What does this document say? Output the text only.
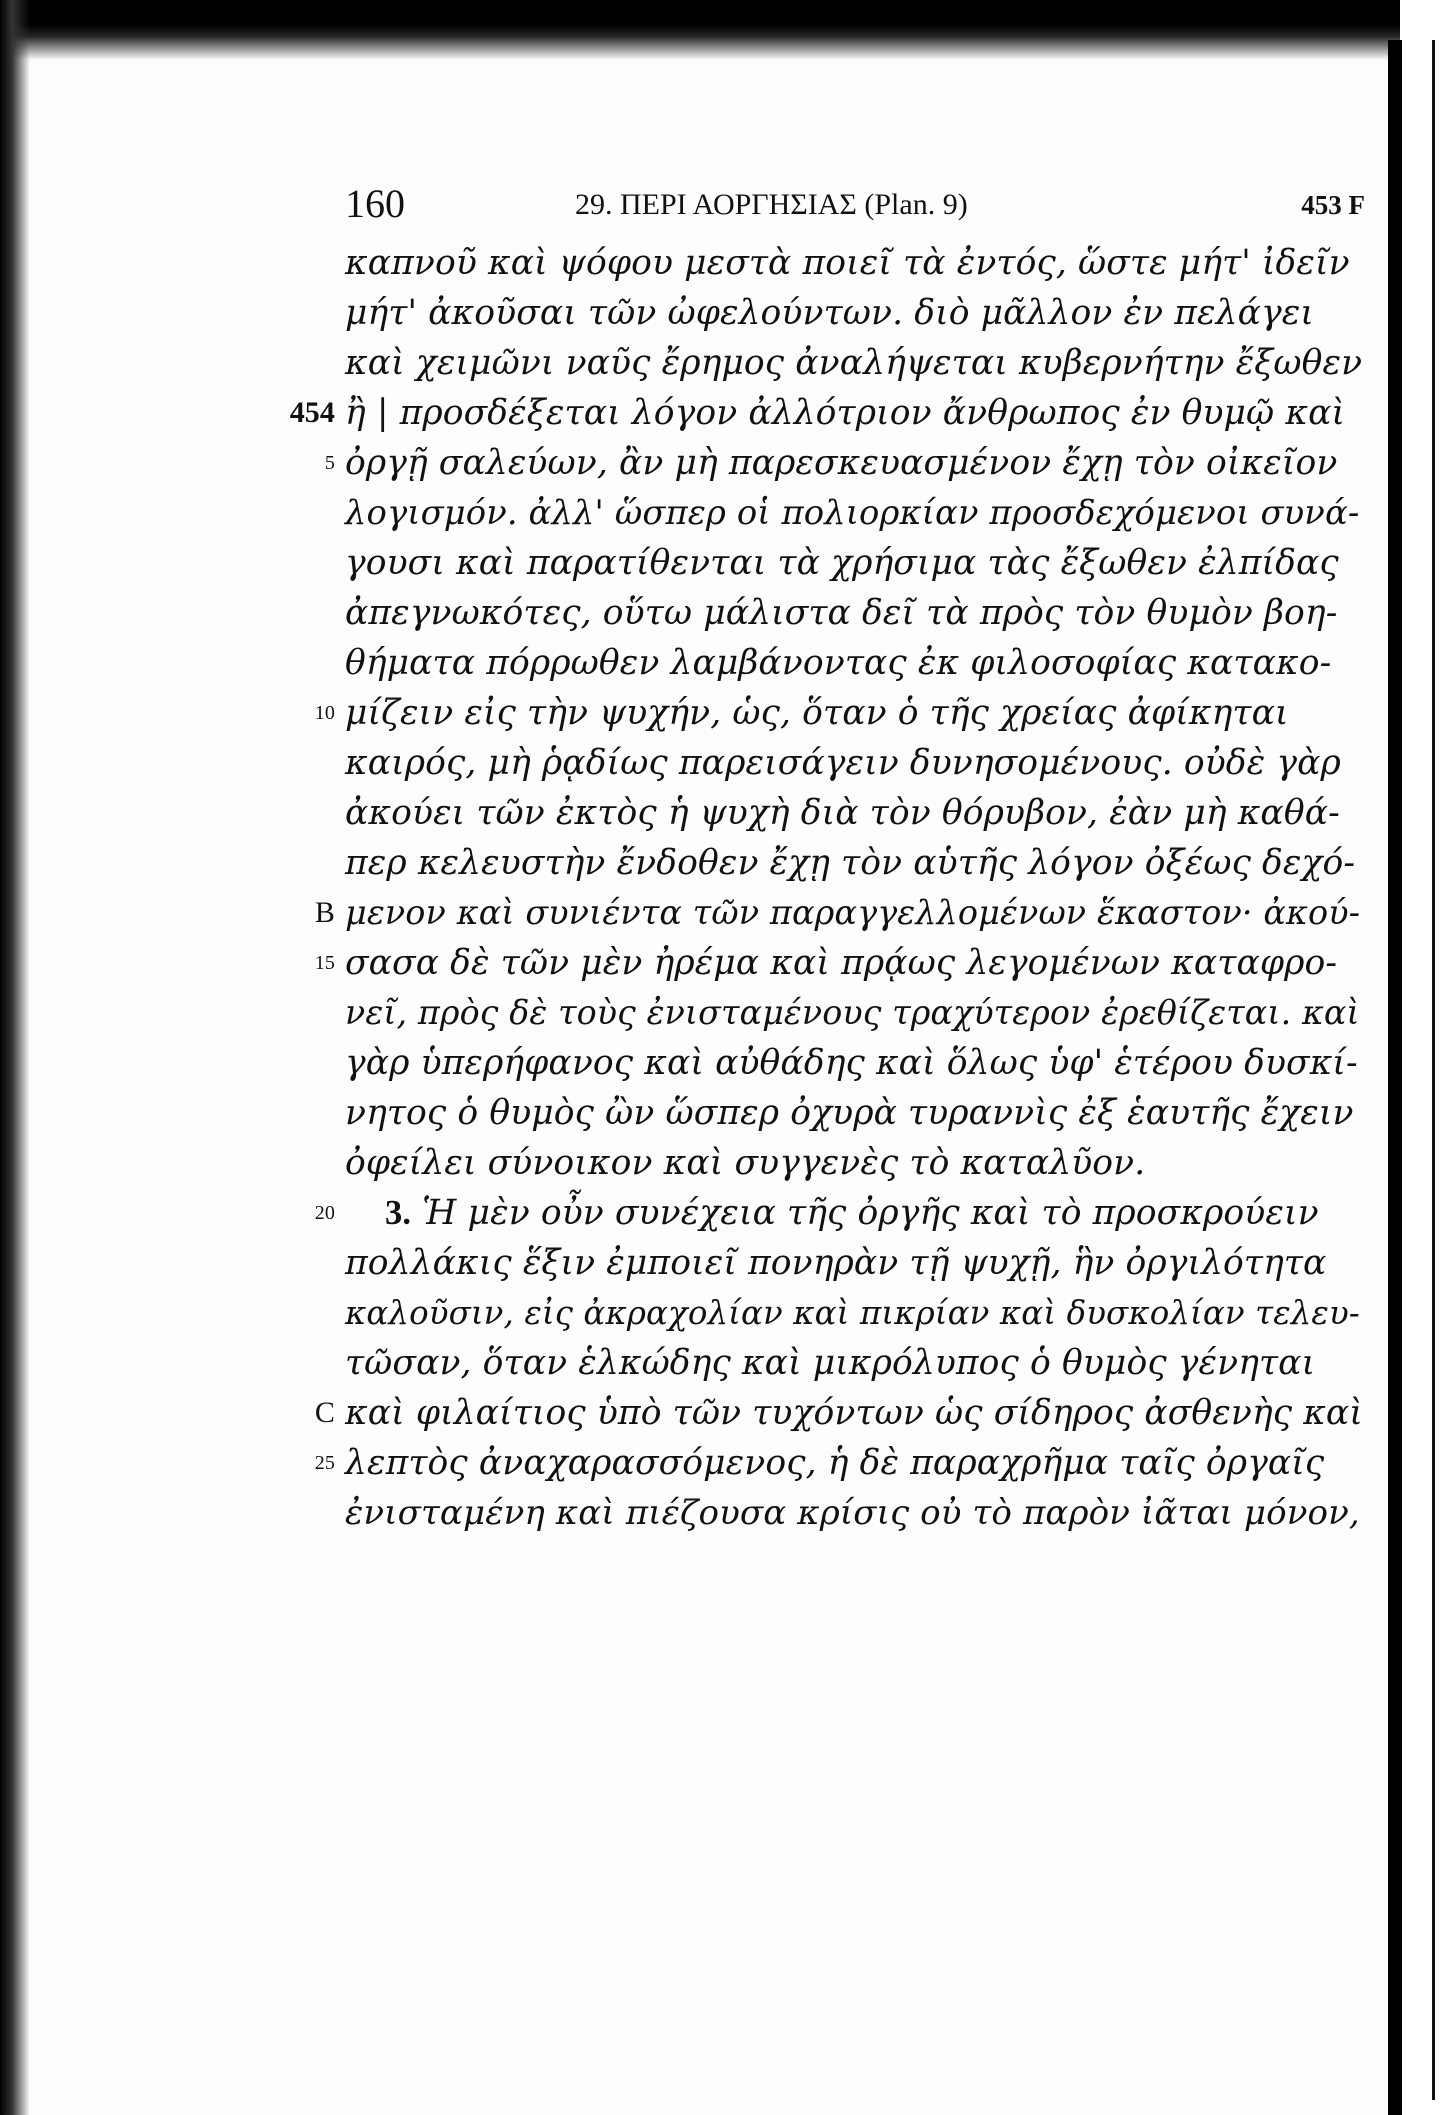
160	29. ΠΕΡΙ ΑΟΡΓΗΣΙΑΣ (Plan. 9)	453 F
καπνοῦ καὶ ψόφου μεστὰ ποιεῖ τὰ ἐντός, ὥστε μήτ' ἰδεῖν
μήτ' ἀκοῦσαι τῶν ὠφελούντων. διὸ μᾶλλον ἐν πελάγει
καὶ χειμῶνι ναῦς ἔρημος ἀναλήψεται κυβερνήτην ἔξωθεν
454 ἢ | προσδέξεται λόγον ἀλλότριον ἄνθρωπος ἐν θυμῷ καὶ
5 ὀργῇ σαλεύων, ἂν μὴ παρεσκευασμένον ἔχῃ τὸν οἰκεῖον
λογισμόν. ἀλλ' ὥσπερ οἱ πολιορκίαν προσδεχόμενοι συνά-
γουσι καὶ παρατίθενται τὰ χρήσιμα τὰς ἔξωθεν ἐλπίδας
ἀπεγνωκότες, οὕτω μάλιστα δεῖ τὰ πρὸς τὸν θυμὸν βοη-
θήματα πόρρωθεν λαμβάνοντας ἐκ φιλοσοφίας κατακο-
10 μίζειν εἰς τὴν ψυχήν, ὡς, ὅταν ὁ τῆς χρείας ἀφίκηται
καιρός, μὴ ῥᾳδίως παρεισάγειν δυνησομένους. οὐδὲ γὰρ
ἀκούει τῶν ἐκτὸς ἡ ψυχὴ διὰ τὸν θόρυβον, ἐὰν μὴ καθά-
περ κελευστὴν ἔνδοθεν ἔχῃ τὸν αὑτῆς λόγον ὀξέως δεχό-
B μενον καὶ συνιέντα τῶν παραγγελλομένων ἕκαστον· ἀκού-
15 σασα δὲ τῶν μὲν ἠρέμα καὶ πρᾴως λεγομένων καταφρο-
νεῖ, πρὸς δὲ τοὺς ἐνισταμένους τραχύτερον ἐρεθίζεται. καὶ
γὰρ ὑπερήφανος καὶ αὐθάδης καὶ ὅλως ὑφ' ἑτέρου δυσκί-
νητος ὁ θυμὸς ὢν ὥσπερ ὀχυρὰ τυραννὶς ἐξ ἑαυτῆς ἔχειν
ὀφείλει σύνοικον καὶ συγγενὲς τὸ καταλῦον.
20 3. Ἡ μὲν οὖν συνέχεια τῆς ὀργῆς καὶ τὸ προσκρούειν
πολλάκις ἕξιν ἐμποιεῖ πονηρὰν τῇ ψυχῇ, ἣν ὀργιλότητα
καλοῦσιν, εἰς ἀκραχολίαν καὶ πικρίαν καὶ δυσκολίαν τελευ-
τῶσαν, ὅταν ἑλκώδης καὶ μικρόλυπος ὁ θυμὸς γένηται
C καὶ φιλαίτιος ὑπὸ τῶν τυχόντων ὡς σίδηρος ἀσθενὴς καὶ
25 λεπτὸς ἀναχαρασσόμενος, ἡ δὲ παραχρῆμα ταῖς ὀργαῖς
ἐνισταμένη καὶ πιέζουσα κρίσις οὐ τὸ παρὸν ἰᾶται μόνον,
